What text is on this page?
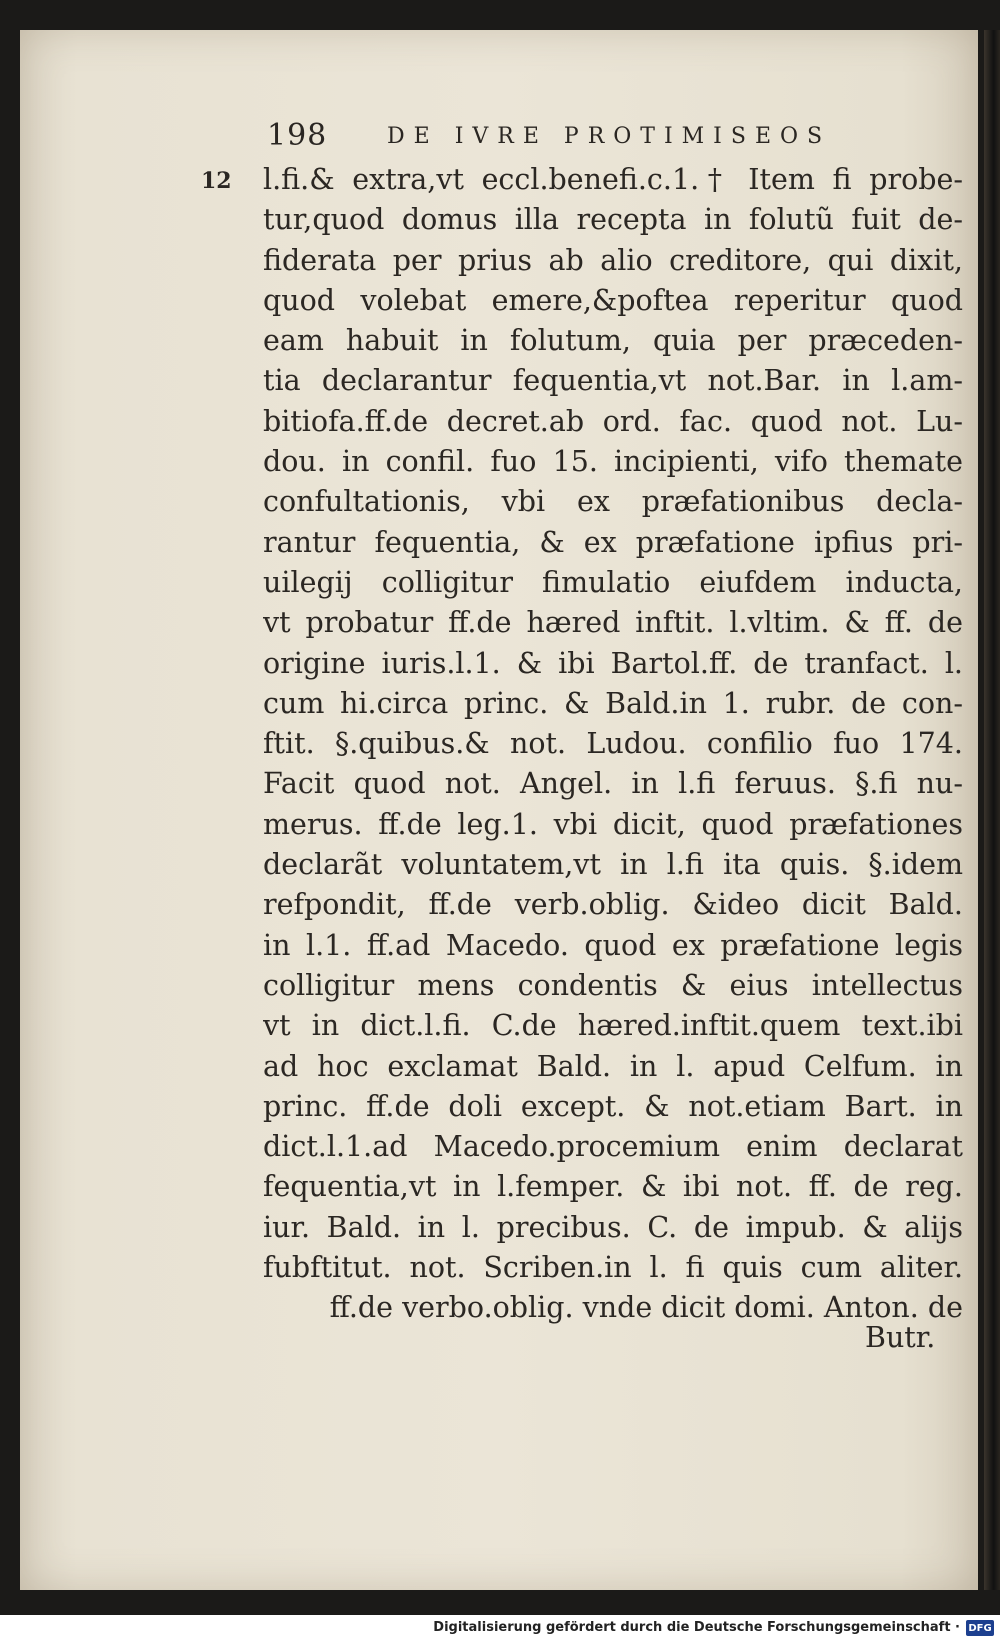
198	DE IVRE PROTIMISEOS
12 l.fi.& extra,vt eccl.benefi.c.1.† Item fi probe-
tur,quod domus illa recepta in folutũ fuit de-
fiderata per prius ab alio creditore, qui dixit,
quod volebat emere,&poftea reperitur quod
eam habuit in folutum, quia per præceden-
tia declarantur fequentia,vt not.Bar. in l.am-
bitiofa.ff.de decret.ab ord. fac. quod not. Lu-
dou. in confil. fuo 15. incipienti, vifo themate
confultationis, vbi ex præfationibus decla-
rantur fequentia, & ex præfatione ipfius pri-
uilegij colligitur fimulatio eiufdem inducta,
vt probatur ff.de hæred inftit. l.vltim. & ff. de
origine iuris.l.1. & ibi Bartol.ff. de tranfact. l.
cum hi.circa princ. & Bald.in 1. rubr. de con-
ftit. §.quibus.& not. Ludou. confilio fuo 174.
Facit quod not. Angel. in l.fi feruus. §.fi nu-
merus. ff.de leg.1. vbi dicit, quod præfationes
declarãt voluntatem,vt in l.fi ita quis. §.idem
refpondit, ff.de verb.oblig. &ideo dicit Bald.
in l.1. ff.ad Macedo. quod ex præfatione legis
colligitur mens condentis & eius intellectus
vt in dict.l.fi. C.de hæred.inftit.quem text.ibi
ad hoc exclamat Bald. in l. apud Celfum. in
princ. ff.de doli except. & not.etiam Bart. in
dict.l.1.ad Macedo.procemium enim declarat
fequentia,vt in l.femper. & ibi not. ff. de reg.
iur. Bald. in l. precibus. C. de impub. & alijs
fubftitut. not. Scriben.in l. fi quis cum aliter.
ff.de verbo.oblig. vnde dicit domi. Anton. de
Butr.
Digitalisierung gefördert durch die Deutsche Forschungsgemeinschaft · DFG
